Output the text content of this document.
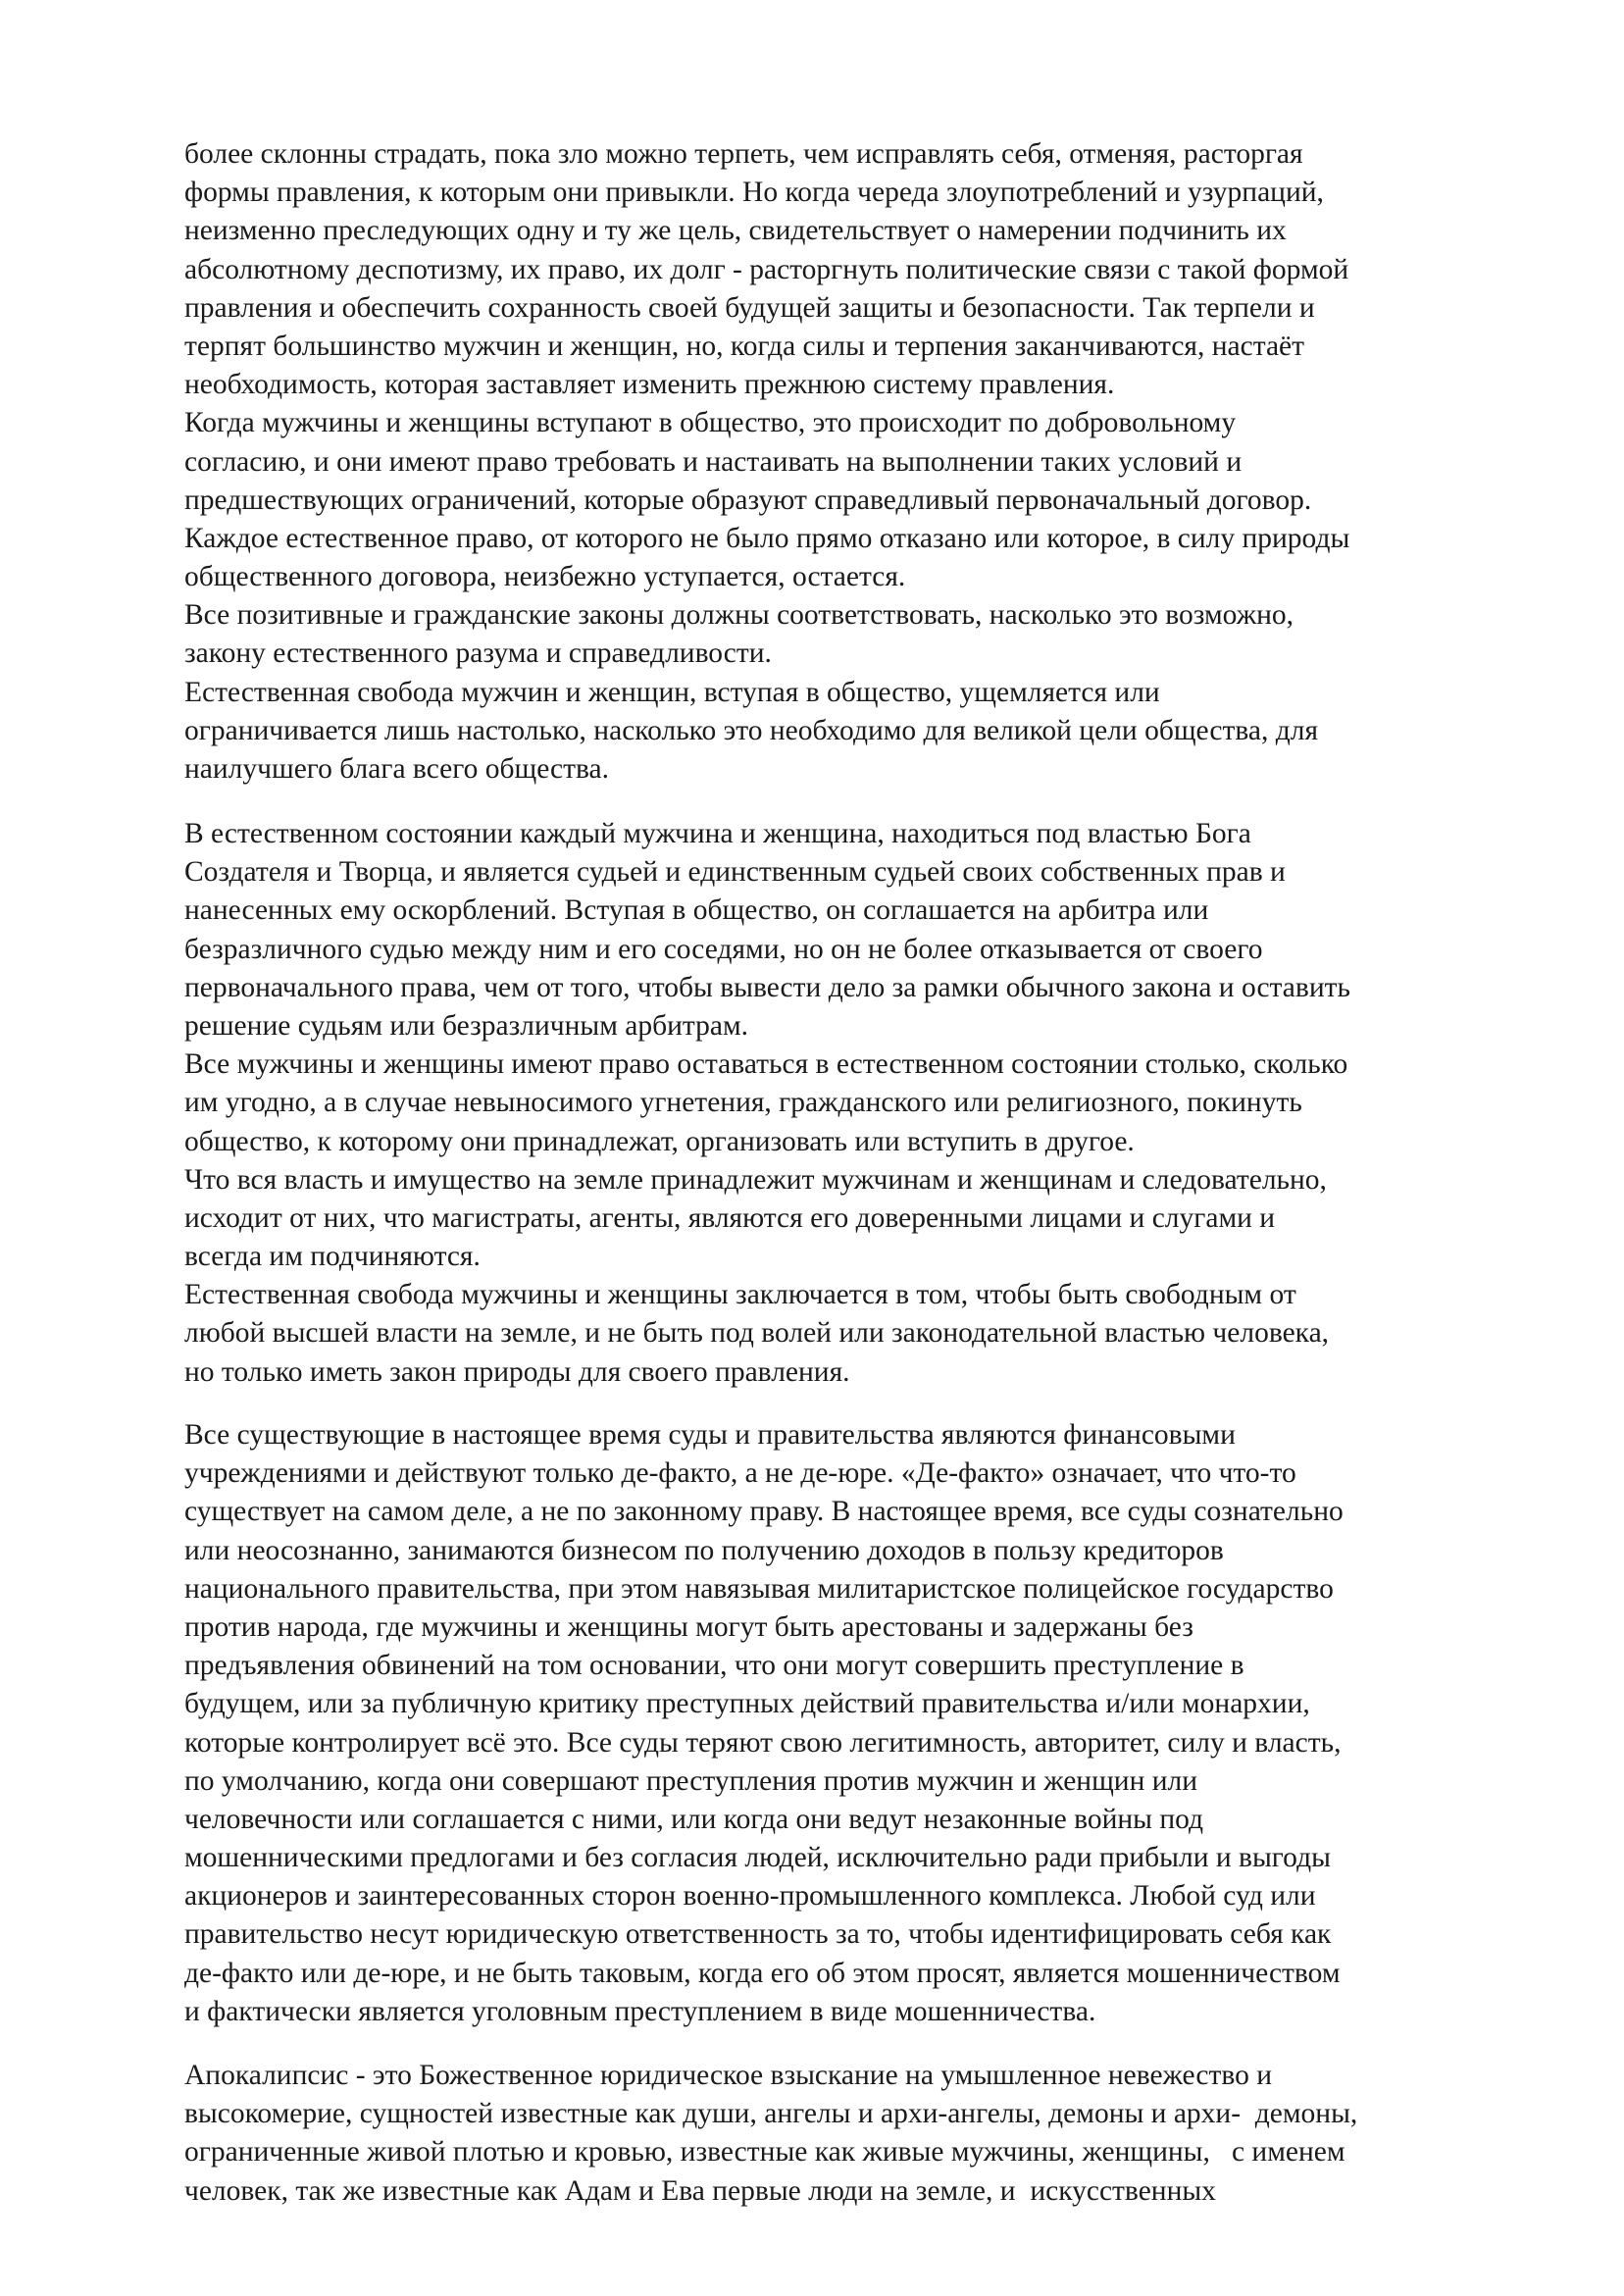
более склонны страдать, пока зло можно терпеть, чем исправлять себя, отменяя, расторгая
формы правления, к которым они привыкли. Но когда череда злоупотреблений и узурпаций,
неизменно преследующих одну и ту же цель, свидетельствует о намерении подчинить их
абсолютному деспотизму, их право, их долг - расторгнуть политические связи с такой формой
правления и обеспечить сохранность своей будущей защиты и безопасности. Так терпели и
терпят большинство мужчин и женщин, но, когда силы и терпения заканчиваются, настаёт
необходимость, которая заставляет изменить прежнюю систему правления.
Когда мужчины и женщины вступают в общество, это происходит по добровольному
согласию, и они имеют право требовать и настаивать на выполнении таких условий и
предшествующих ограничений, которые образуют справедливый первоначальный договор.
Каждое естественное право, от которого не было прямо отказано или которое, в силу природы
общественного договора, неизбежно уступается, остается.
Все позитивные и гражданские законы должны соответствовать, насколько это возможно,
закону естественного разума и справедливости.
Естественная свобода мужчин и женщин, вступая в общество, ущемляется или
ограничивается лишь настолько, насколько это необходимо для великой цели общества, для
наилучшего блага всего общества.
В естественном состоянии каждый мужчина и женщина, находиться под властью Бога
Создателя и Творца, и является судьей и единственным судьей своих собственных прав и
нанесенных ему оскорблений. Вступая в общество, он соглашается на арбитра или
безразличного судью между ним и его соседями, но он не более отказывается от своего
первоначального права, чем от того, чтобы вывести дело за рамки обычного закона и оставить
решение судьям или безразличным арбитрам.
Все мужчины и женщины имеют право оставаться в естественном состоянии столько, сколько
им угодно, а в случае невыносимого угнетения, гражданского или религиозного, покинуть
общество, к которому они принадлежат, организовать или вступить в другое.
Что вся власть и имущество на земле принадлежит мужчинам и женщинам и следовательно,
исходит от них, что магистраты, агенты, являются его доверенными лицами и слугами и
всегда им подчиняются.
Естественная свобода мужчины и женщины заключается в том, чтобы быть свободным от
любой высшей власти на земле, и не быть под волей или законодательной властью человека,
но только иметь закон природы для своего правления.
Все существующие в настоящее время суды и правительства являются финансовыми
учреждениями и действуют только де-факто, а не де-юре. «Де-факто» означает, что что-то
существует на самом деле, а не по законному праву. В настоящее время, все суды сознательно
или неосознанно, занимаются бизнесом по получению доходов в пользу кредиторов
национального правительства, при этом навязывая милитаристское полицейское государство
против народа, где мужчины и женщины могут быть арестованы и задержаны без
предъявления обвинений на том основании, что они могут совершить преступление в
будущем, или за публичную критику преступных действий правительства и/или монархии,
которые контролирует всё это. Все суды теряют свою легитимность, авторитет, силу и власть,
по умолчанию, когда они совершают преступления против мужчин и женщин или
человечности или соглашается с ними, или когда они ведут незаконные войны под
мошенническими предлогами и без согласия людей, исключительно ради прибыли и выгоды
акционеров и заинтересованных сторон военно-промышленного комплекса. Любой суд или
правительство несут юридическую ответственность за то, чтобы идентифицировать себя как
де-факто или де-юре, и не быть таковым, когда его об этом просят, является мошенничеством
и фактически является уголовным преступлением в виде мошенничества.
Апокалипсис - это Божественное юридическое взыскание на умышленное невежество и
высокомерие, сущностей известные как души, ангелы и архи-ангелы, демоны и архи-  демоны,
ограниченные живой плотью и кровью, известные как живые мужчины, женщины,   с именем
человек, так же известные как Адам и Ева первые люди на земле, и  искусственных
